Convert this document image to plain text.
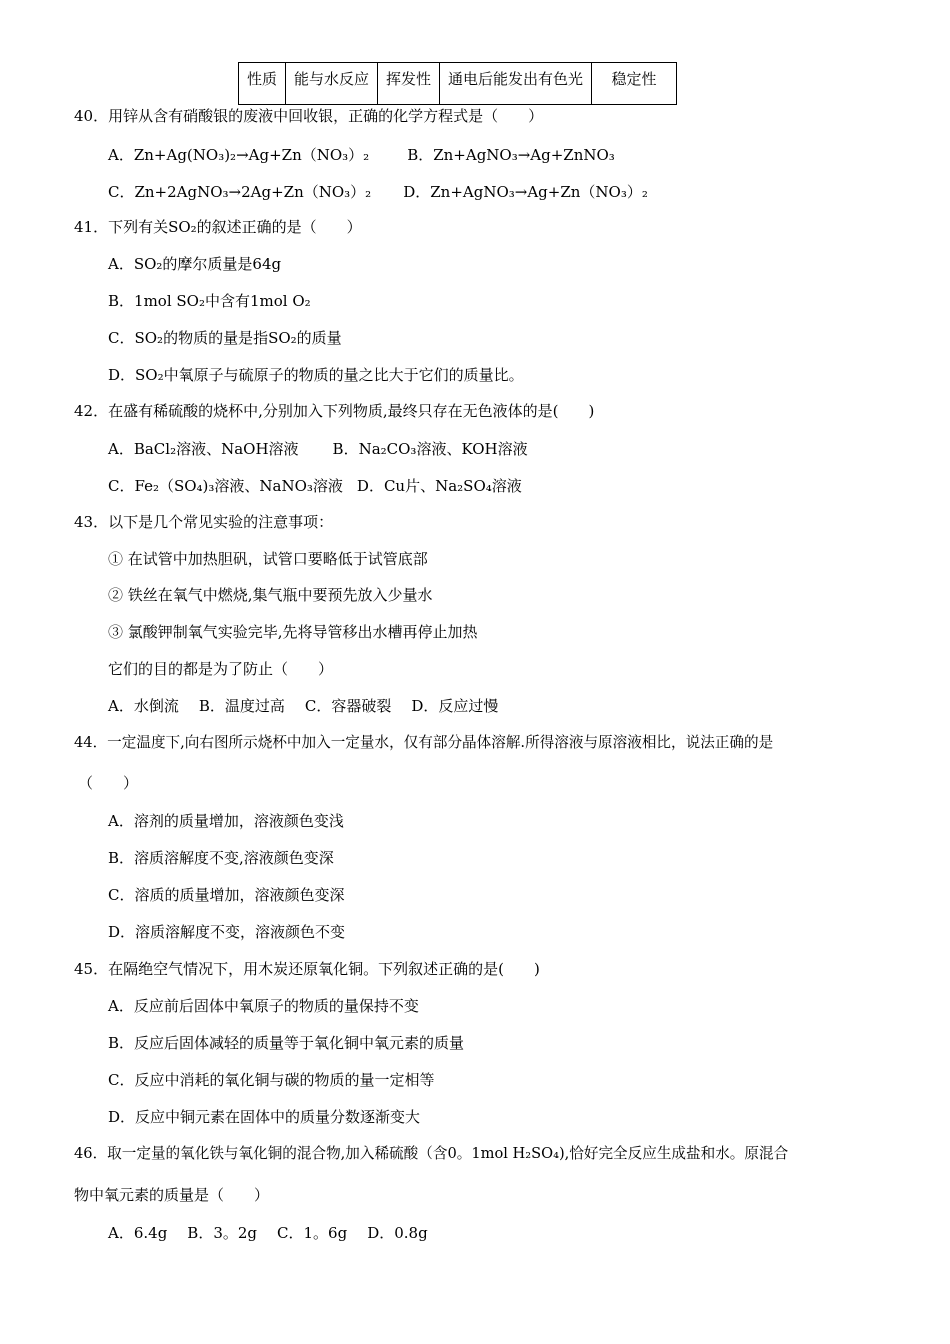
性质	能与水反应	挥发性	通电后能发出有色光	稳定性
40．用锌从含有硝酸银的废液中回收银，正确的化学方程式是（　　）
A．Zn+Ag(NO₃)₂→Ag+Zn（NO₃）₂	B．Zn+AgNO₃→Ag+ZnNO₃
C．Zn+2AgNO₃→2Ag+Zn（NO₃）₂ D．Zn+AgNO₃→Ag+Zn（NO₃）₂
41．下列有关SO₂的叙述正确的是（　　）
A．SO₂的摩尔质量是64g
B．1mol SO₂中含有1mol O₂
C．SO₂的物质的量是指SO₂的质量
D．SO₂中氧原子与硫原子的物质的量之比大于它们的质量比。
42．在盛有稀硫酸的烧杯中,分别加入下列物质,最终只存在无色液体的是(　　)
A．BaCl₂溶液、NaOH溶液 B．Na₂CO₃溶液、KOH溶液
C．Fe₂（SO₄)₃溶液、NaNO₃溶液 D．Cu片、Na₂SO₄溶液
43．以下是几个常见实验的注意事项：
① 在试管中加热胆矾，试管口要略低于试管底部
② 铁丝在氧气中燃烧,集气瓶中要预先放入少量水
③ 氯酸钾制氧气实验完毕,先将导管移出水槽再停止加热
它们的目的都是为了防止（　　）
A．水倒流 B．温度过高 C．容器破裂 D．反应过慢
44．一定温度下,向右图所示烧杯中加入一定量水，仅有部分晶体溶解.所得溶液与原溶液相比，说法正确的是
（　　）
A．溶剂的质量增加，溶液颜色变浅
B．溶质溶解度不变,溶液颜色变深
C．溶质的质量增加，溶液颜色变深
D．溶质溶解度不变，溶液颜色不变
45．在隔绝空气情况下，用木炭还原氧化铜。下列叙述正确的是(　　)
A．反应前后固体中氧原子的物质的量保持不变
B．反应后固体减轻的质量等于氧化铜中氧元素的质量
C．反应中消耗的氧化铜与碳的物质的量一定相等
D．反应中铜元素在固体中的质量分数逐渐变大
46．取一定量的氧化铁与氧化铜的混合物,加入稀硫酸（含0。1mol H₂SO₄),恰好完全反应生成盐和水。原混合
物中氧元素的质量是（　　）
A．6.4g B．3。2g C．1。6g D．0.8g
